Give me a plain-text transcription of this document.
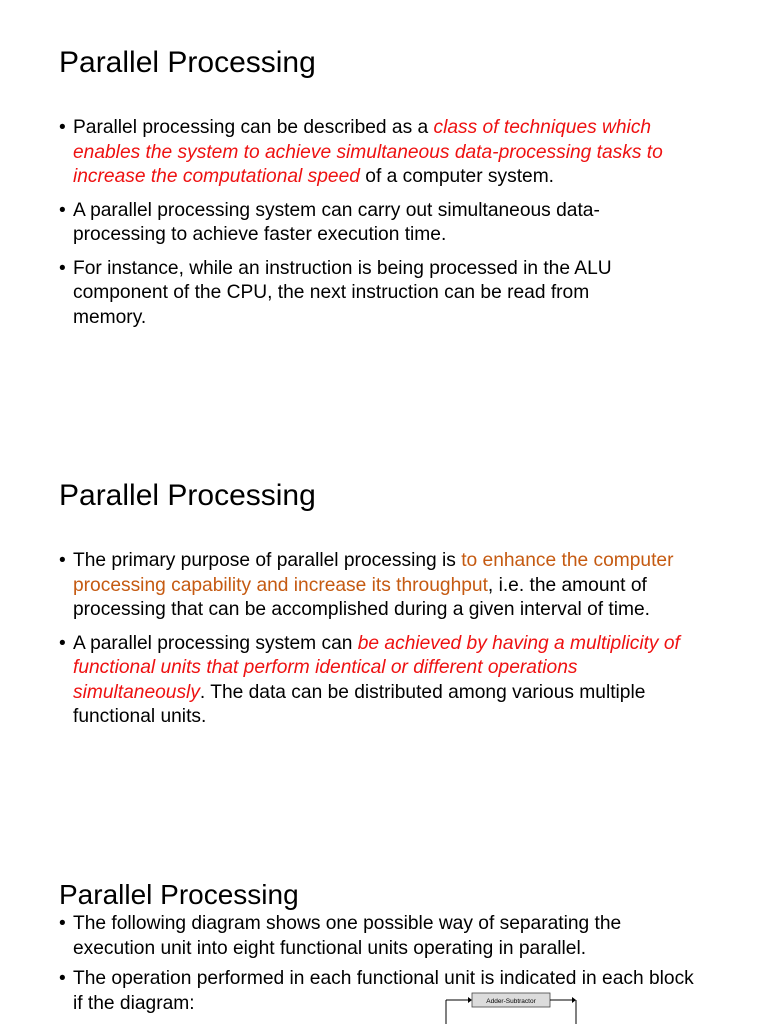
Parallel Processing
• Parallel processing can be described as a class of techniques which enables the system to achieve simultaneous data-processing tasks to increase the computational speed of a computer system.
• A parallel processing system can carry out simultaneous data-processing to achieve faster execution time.
• For instance, while an instruction is being processed in the ALU component of the CPU, the next instruction can be read from memory.
Parallel Processing
• The primary purpose of parallel processing is to enhance the computer processing capability and increase its throughput, i.e. the amount of processing that can be accomplished during a given interval of time.
• A parallel processing system can be achieved by having a multiplicity of functional units that perform identical or different operations simultaneously. The data can be distributed among various multiple functional units.
Parallel Processing
• The following diagram shows one possible way of separating the execution unit into eight functional units operating in parallel.
• The operation performed in each functional unit is indicated in each block if the diagram:	Adder-Subtractor
